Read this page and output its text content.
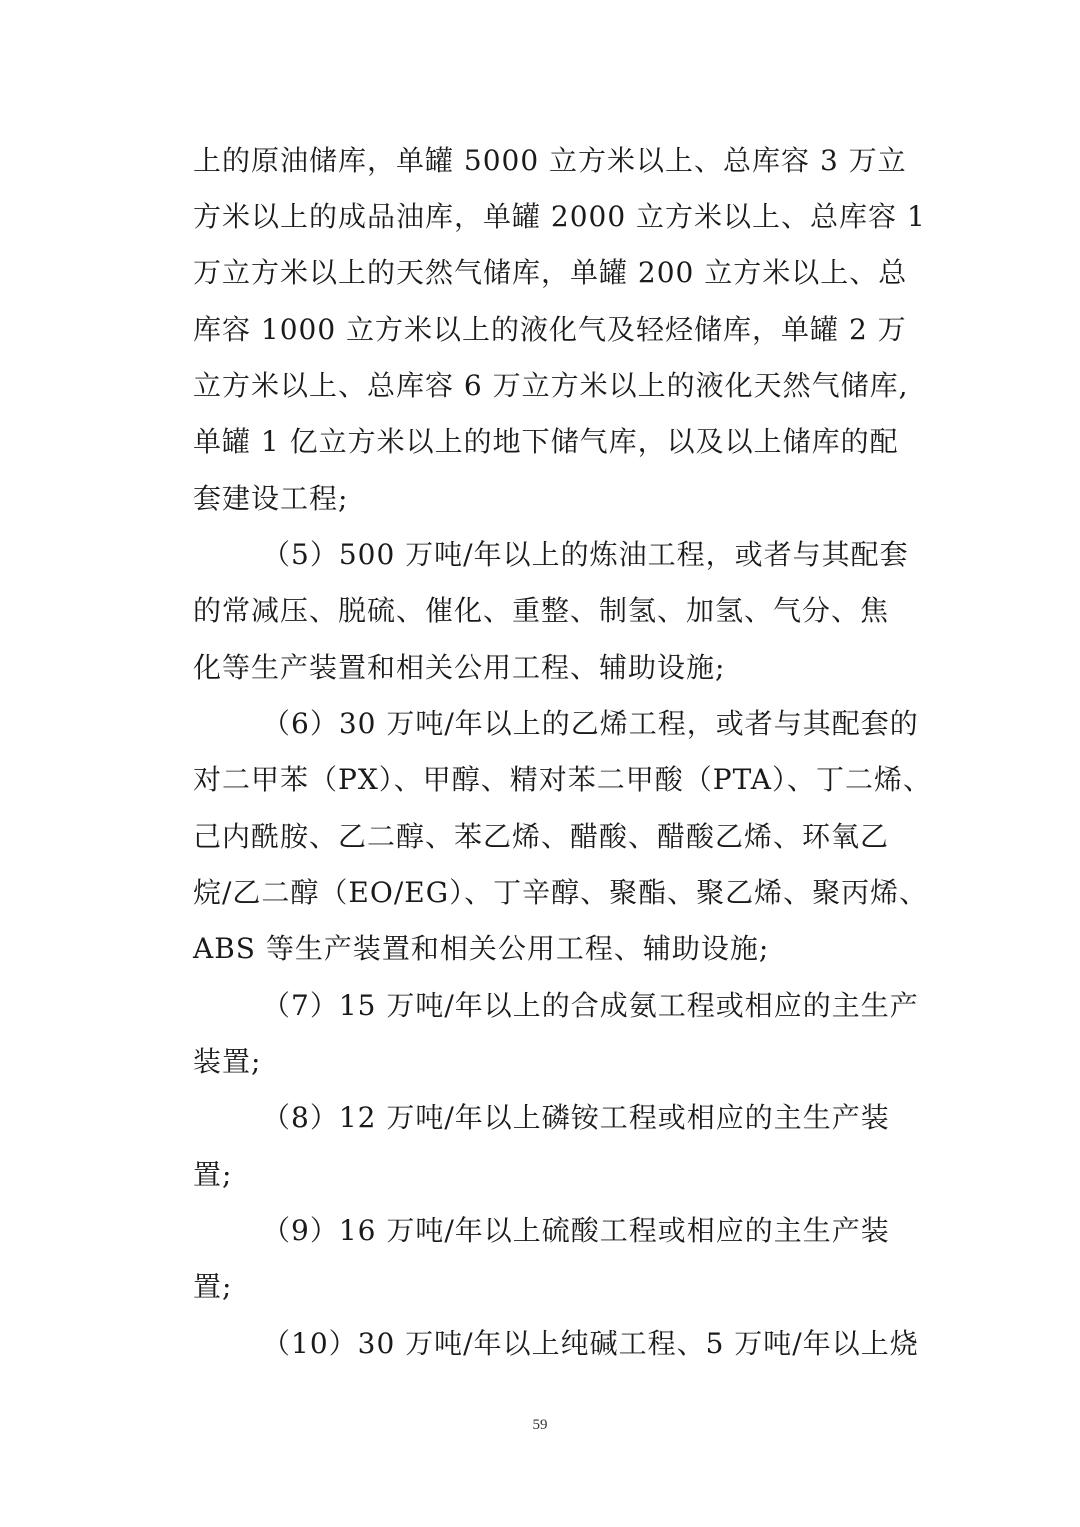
上的原油储库，单罐 5000 立方米以上、总库容 3 万立
方米以上的成品油库，单罐 2000 立方米以上、总库容 1
万立方米以上的天然气储库，单罐 200 立方米以上、总
库容 1000 立方米以上的液化气及轻烃储库，单罐 2 万
立方米以上、总库容 6 万立方米以上的液化天然气储库,
单罐 1 亿立方米以上的地下储气库，以及以上储库的配
套建设工程;
（5）500 万吨/年以上的炼油工程，或者与其配套
的常减压、脱硫、催化、重整、制氢、加氢、气分、焦
化等生产装置和相关公用工程、辅助设施;
（6）30 万吨/年以上的乙烯工程，或者与其配套的
对二甲苯（PX）、甲醇、精对苯二甲酸（PTA）、丁二烯、
己内酰胺、乙二醇、苯乙烯、醋酸、醋酸乙烯、环氧乙
烷/乙二醇（EO/EG）、丁辛醇、聚酯、聚乙烯、聚丙烯、
ABS 等生产装置和相关公用工程、辅助设施;
（7）15 万吨/年以上的合成氨工程或相应的主生产
装置;
（8）12 万吨/年以上磷铵工程或相应的主生产装
置;
（9）16 万吨/年以上硫酸工程或相应的主生产装
置;
（10）30 万吨/年以上纯碱工程、5 万吨/年以上烧
59
